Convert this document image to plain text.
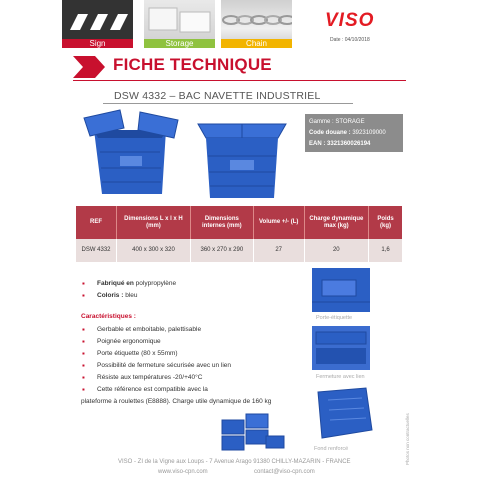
Sign	Storage	Chain
VISO
Date : 04/10/2018
FICHE TECHNIQUE
DSW 4332 – BAC NAVETTE INDUSTRIEL
Gamme : STORAGE
Code douane : 3923109000
EAN : 3321360026194
REF	Dimensions L x l x H (mm)	Dimensions internes (mm)	Volume +/- (L)	Charge dynamique max (kg)	Poids (kg)
DSW 4332	400 x 300 x 320	360 x 270 x 290	27	20	1,6
▪ Fabriqué en polypropylène
▪ Coloris : bleu
Caractéristiques :
▪ Gerbable et emboitable, palettisable
▪ Poignée ergonomique
▪ Porte étiquette (80 x 55mm)
▪ Possibilité de fermeture sécurisée avec un lien
▪ Résiste aux températures -20/+40°C
▪ Cette référence est compatible avec la
plateforme à roulettes (E8888). Charge utile dynamique de 160 kg
Porte-étiquette
Fermeture avec lien
Fond renforcé	Photos non contractuelles
VISO - ZI de la Vigne aux Loups - 7 Avenue Arago 91380 CHILLY-MAZARIN - FRANCE
www.viso-cpn.com	contact@viso-cpn.com
